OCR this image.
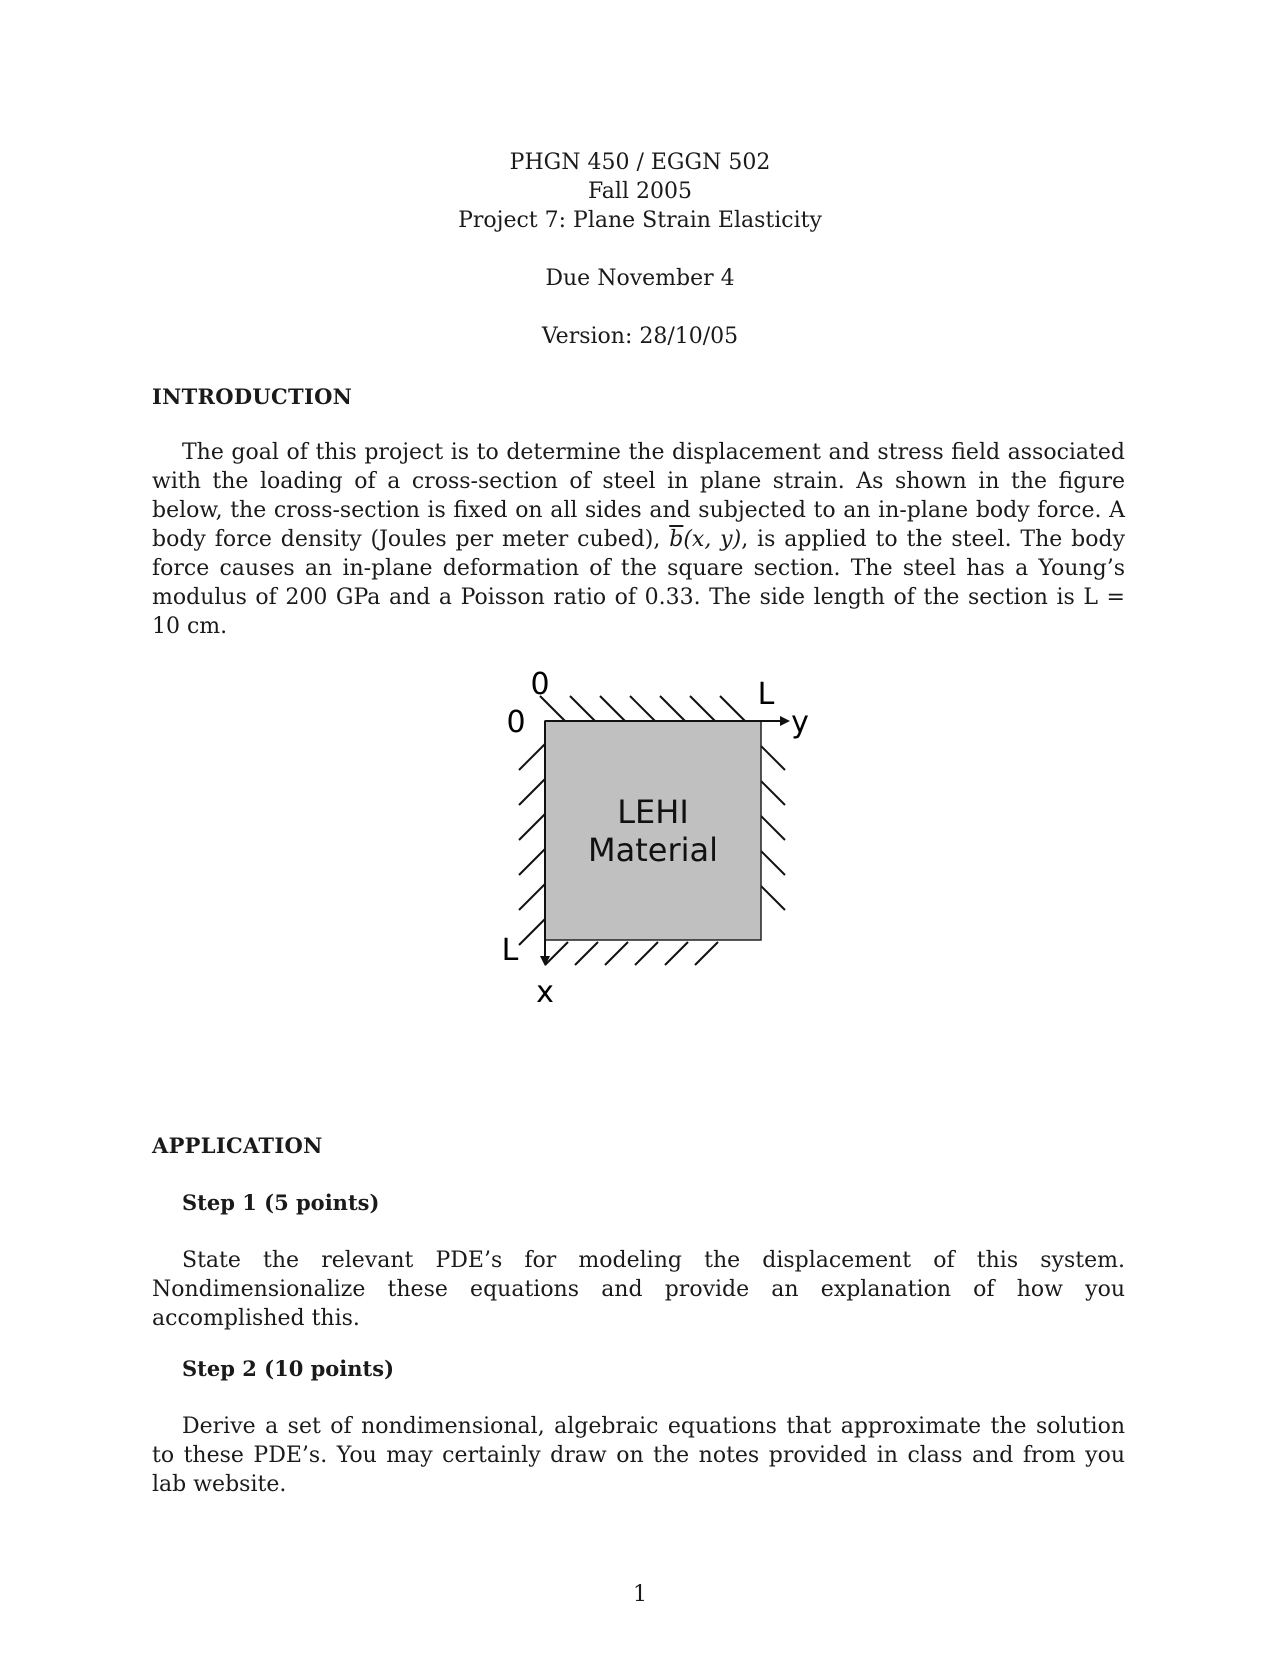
PHGN 450 / EGGN 502
Fall 2005
Project 7: Plane Strain Elasticity
Due November 4
Version: 28/10/05
INTRODUCTION
The goal of this project is to determine the displacement and stress field associated with the loading of a cross-section of steel in plane strain. As shown in the figure below, the cross-section is fixed on all sides and subjected to an in-plane body force. A body force density (Joules per meter cubed), $\overline{b}(x$, y), is applied to the steel. The body force causes an in-plane deformation of the square section. The steel has a Young’s modulus of 200 GPa and a Poisson ratio of 0.33. The side length of the section is L = 10 cm.
0
0
L
y
L
x
LEHI
Material
APPLICATION
Step 1 (5 points)
State the relevant PDE’s for modeling the displacement of this system. Nondimensionalize these equations and provide an explanation of how you accomplished this.
Step 2 (10 points)
Derive a set of nondimensional, algebraic equations that approximate the solution to these PDE’s. You may certainly draw on the notes provided in class and from you lab website.
1
